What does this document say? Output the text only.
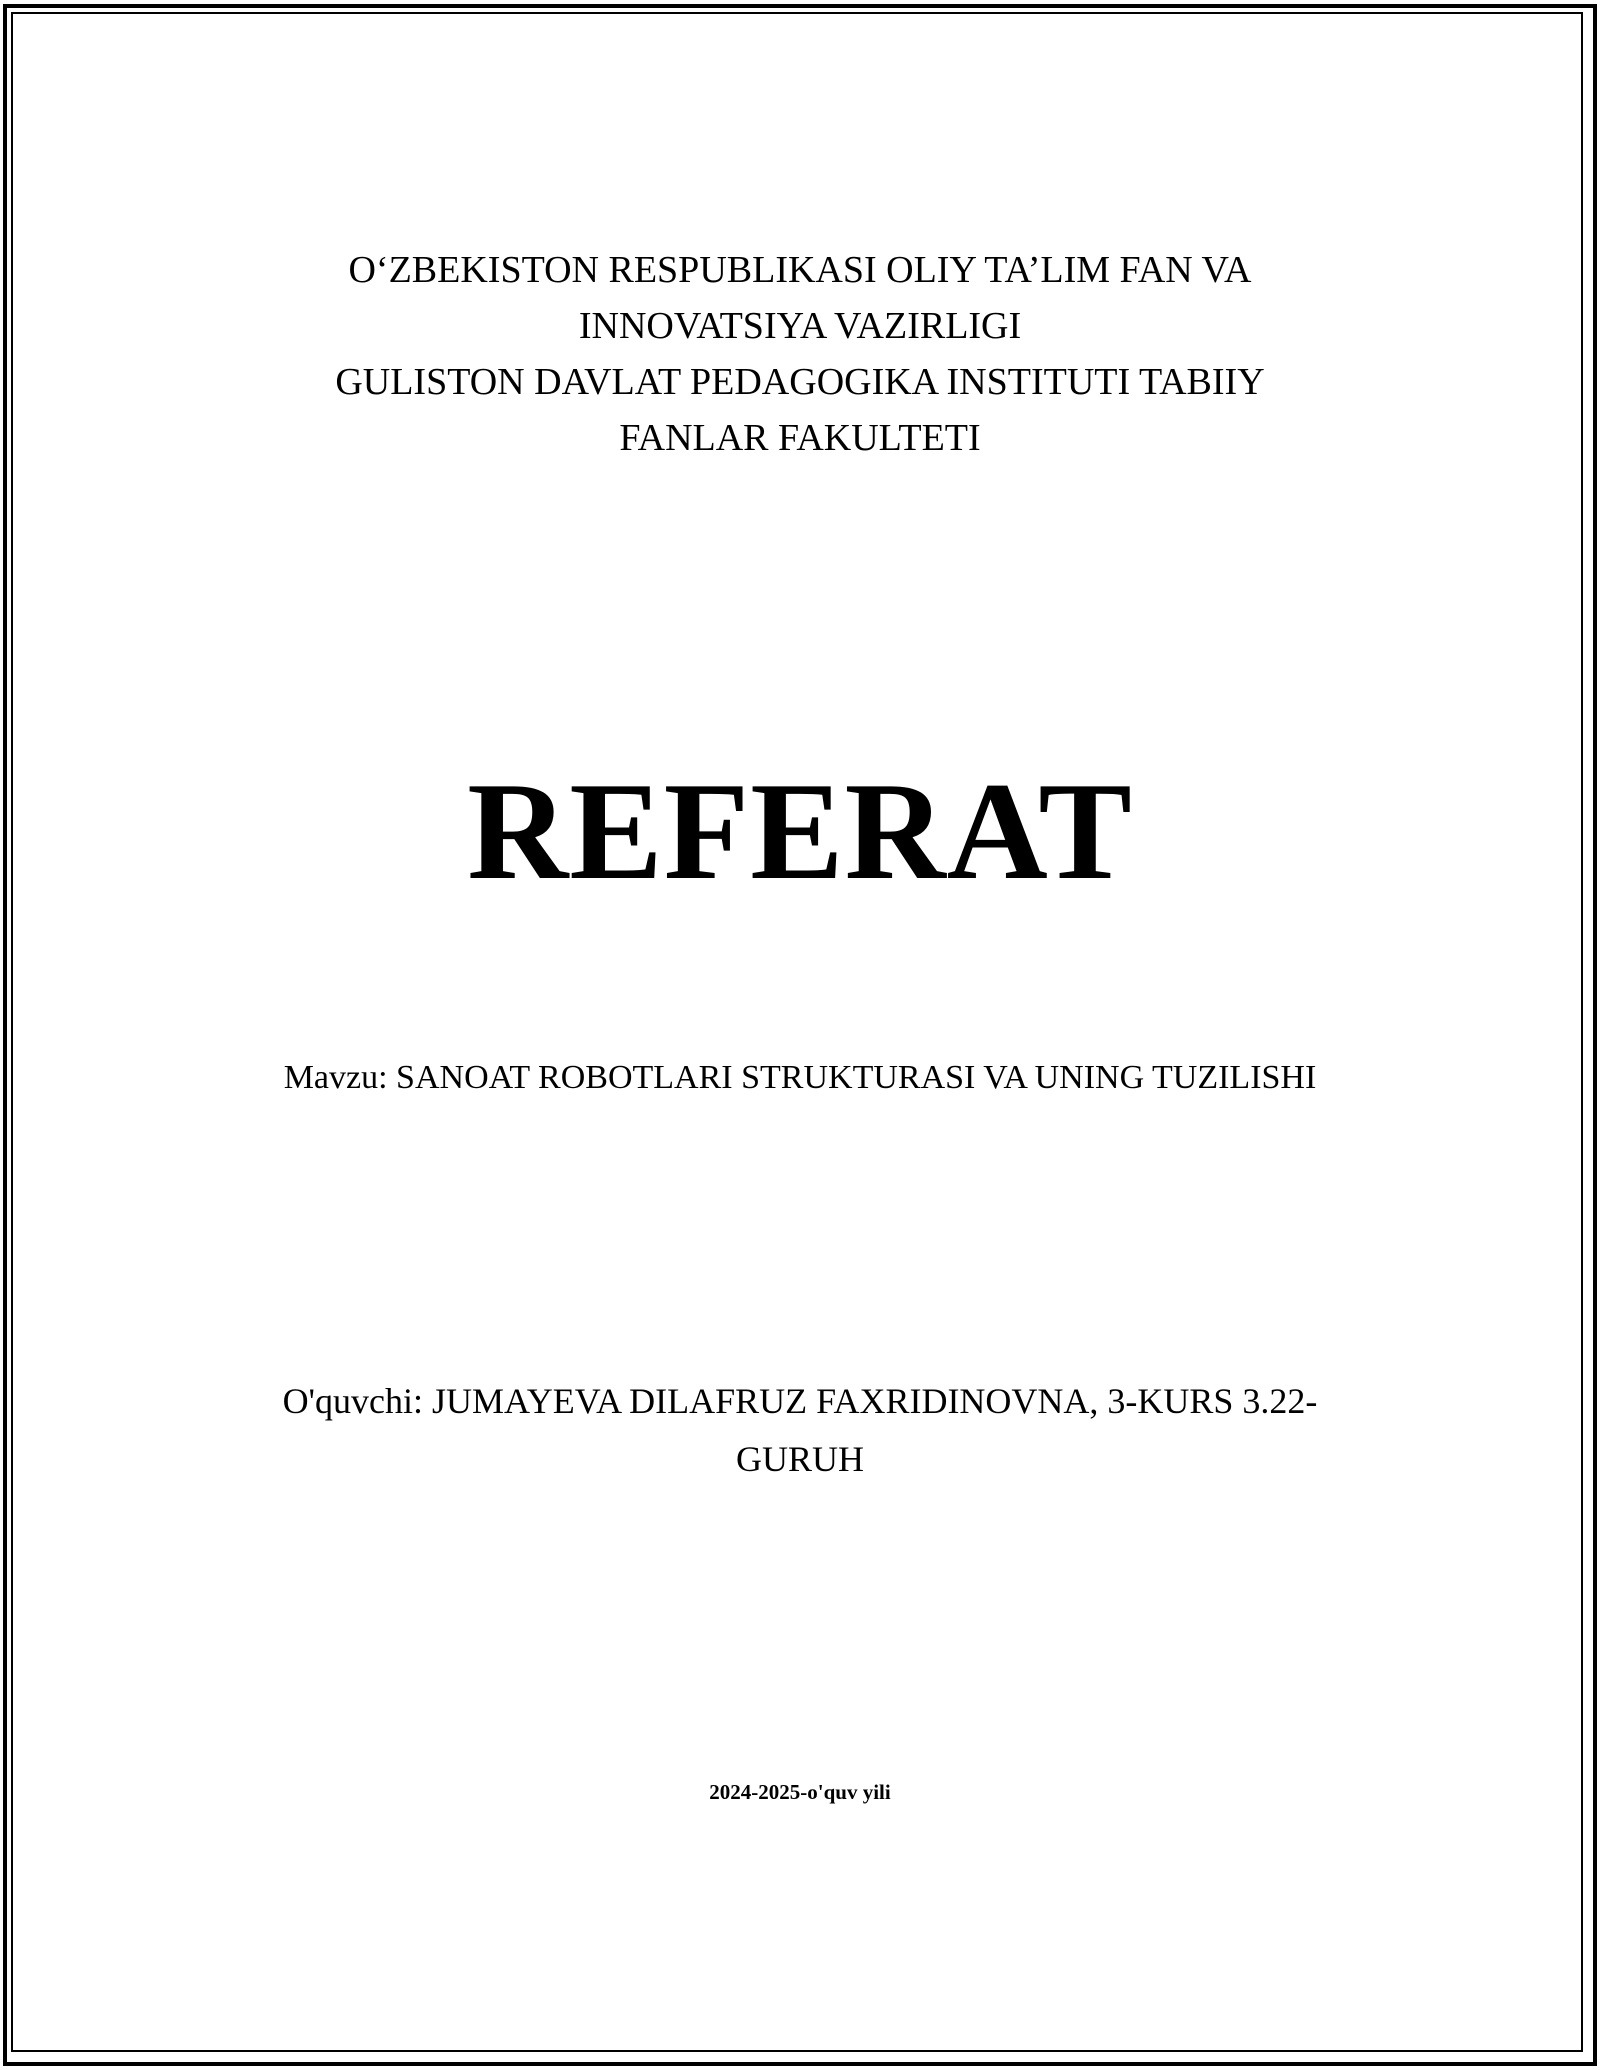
O‘ZBEKISTON RESPUBLIKASI OLIY TA’LIM FAN VA
INNOVATSIYA VAZIRLIGI
GULISTON DAVLAT PEDAGOGIKA INSTITUTI TABIIY
FANLAR FAKULTETI
REFERAT
Mavzu: SANOAT ROBOTLARI STRUKTURASI VA UNING TUZILISHI
O'quvchi: JUMAYEVA DILAFRUZ FAXRIDINOVNA, 3-KURS 3.22-
GURUH
2024-2025-o'quv yili
